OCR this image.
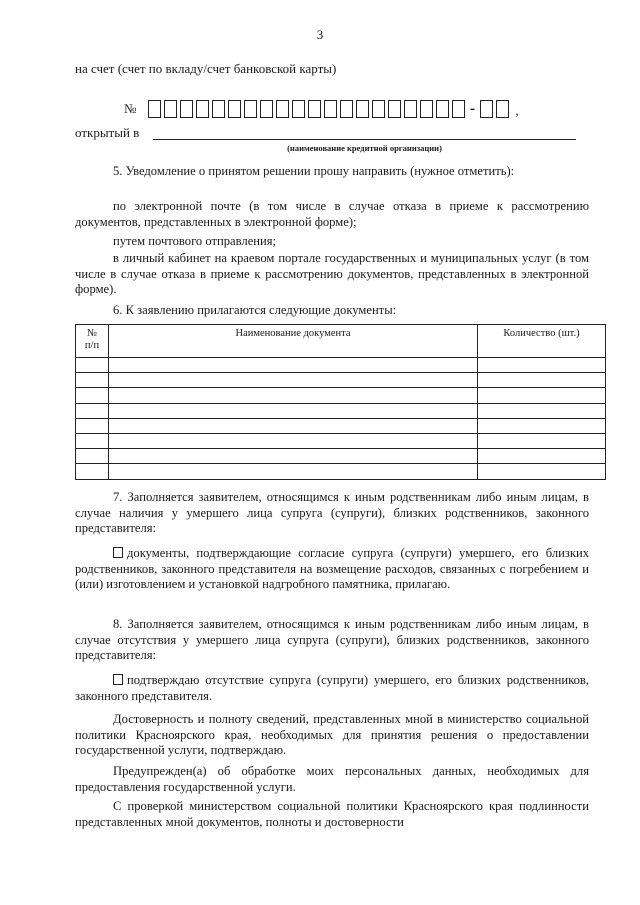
3
на счет (счет по вкладу/счет банковской карты)
№	-	,
открытый в
(наименование кредитной организации)

5. Уведомление о принятом решении прошу направить (нужное отметить):

по электронной почте (в том числе в случае отказа в приеме к рассмотрению документов, представленных в электронной форме);

путем почтового отправления;

в личный кабинет на краевом портале государственных и муниципальных услуг (в том числе в случае отказа в приеме к рассмотрению документов, представленных в электронной форме).

6. К заявлению прилагаются следующие документы:

№
п/п	Наименование документа	Количество (шт.)

7. Заполняется заявителем, относящимся к иным родственникам либо иным лицам, в случае наличия у умершего лица супруга (супруги), близких родственников, законного представителя:

документы, подтверждающие согласие супруга (супруги) умершего, его близких родственников, законного представителя на возмещение расходов, связанных с погребением и (или) изготовлением и установкой надгробного памятника, прилагаю.

8. Заполняется заявителем, относящимся к иным родственникам либо иным лицам, в случае отсутствия у умершего лица супруга (супруги), близких родственников, законного представителя:

подтверждаю отсутствие супруга (супруги) умершего, его близких родственников, законного представителя.

Достоверность и полноту сведений, представленных мной в министерство социальной политики Красноярского края, необходимых для принятия решения о предоставлении государственной услуги, подтверждаю.

Предупрежден(а) об обработке моих персональных данных, необходимых для предоставления государственной услуги.

С проверкой министерством социальной политики Красноярского края подлинности представленных мной документов, полноты и достоверности
